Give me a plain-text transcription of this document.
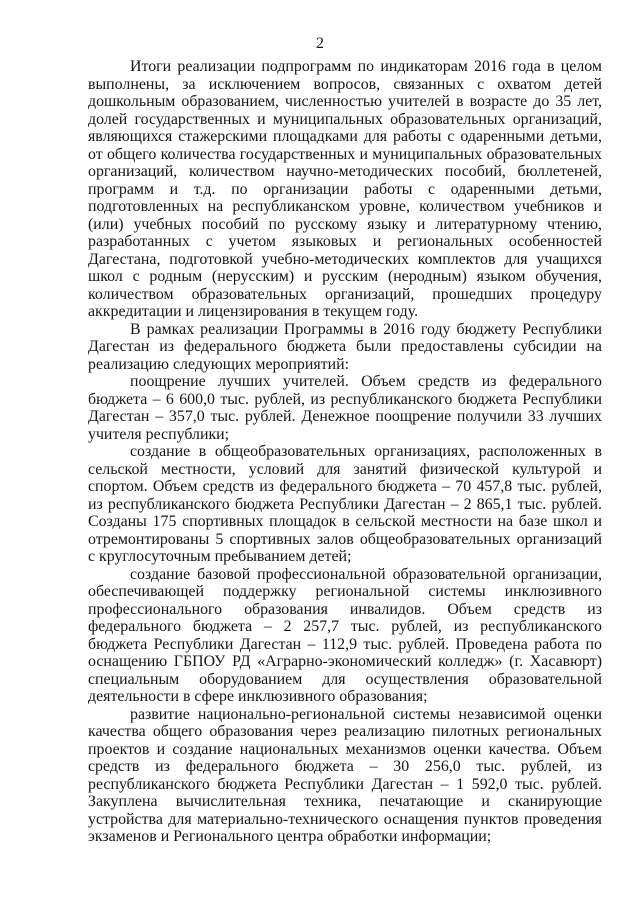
2

Итоги реализации подпрограмм по индикаторам 2016 года в целом выполнены, за исключением вопросов, связанных с охватом детей дошкольным образованием, численностью учителей в возрасте до 35 лет, долей государственных и муниципальных образовательных организаций, являющихся стажерскими площадками для работы с одаренными детьми, от общего количества государственных и муниципальных образовательных организаций, количеством научно-методических пособий, бюллетеней, программ и т.д. по организации работы с одаренными детьми, подготовленных на республиканском уровне, количеством учебников и (или) учебных пособий по русскому языку и литературному чтению, разработанных с учетом языковых и региональных особенностей Дагестана, подготовкой учебно-методических комплектов для учащихся школ с родным (нерусским) и русским (неродным) языком обучения, количеством образовательных организаций, прошедших процедуру аккредитации и лицензирования в текущем году.

В рамках реализации Программы в 2016 году бюджету Республики Дагестан из федерального бюджета были предоставлены субсидии на реализацию следующих мероприятий:

поощрение лучших учителей. Объем средств из федерального бюджета – 6 600,0 тыс. рублей, из республиканского бюджета Республики Дагестан – 357,0 тыс. рублей. Денежное поощрение получили 33 лучших учителя республики;

создание в общеобразовательных организациях, расположенных в сельской местности, условий для занятий физической культурой и спортом. Объем средств из федерального бюджета – 70 457,8 тыс. рублей, из республиканского бюджета Республики Дагестан – 2 865,1 тыс. рублей. Созданы 175 спортивных площадок в сельской местности на базе школ и отремонтированы 5 спортивных залов общеобразовательных организаций с круглосуточным пребыванием детей;

создание базовой профессиональной образовательной организации, обеспечивающей поддержку региональной системы инклюзивного профессионального образования инвалидов. Объем средств из федерального бюджета – 2 257,7 тыс. рублей, из республиканского бюджета Республики Дагестан – 112,9 тыс. рублей. Проведена работа по оснащению ГБПОУ РД «Аграрно-экономический колледж» (г. Хасавюрт) специальным оборудованием для осуществления образовательной деятельности в сфере инклюзивного образования;

развитие национально-региональной системы независимой оценки качества общего образования через реализацию пилотных региональных проектов и создание национальных механизмов оценки качества. Объем средств из федерального бюджета – 30 256,0 тыс. рублей, из республиканского бюджета Республики Дагестан – 1 592,0 тыс. рублей. Закуплена вычислительная техника, печатающие и сканирующие устройства для материально-технического оснащения пунктов проведения экзаменов и Регионального центра обработки информации;
